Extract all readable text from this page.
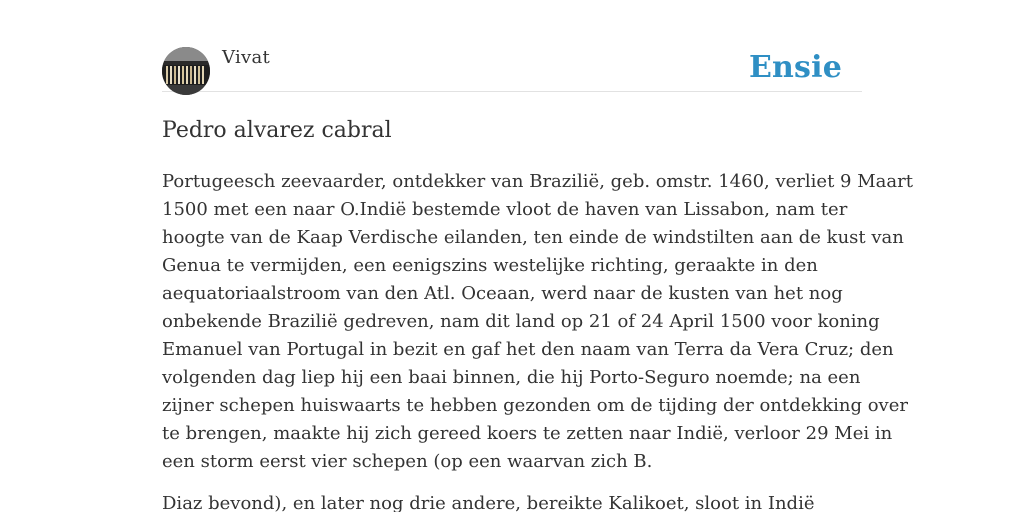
Vivat	Ensie
Pedro alvarez cabral

Portugeesch zeevaarder, ontdekker van Brazilië, geb. omstr. 1460, verliet 9 Maart
1500 met een naar O.Indië bestemde vloot de haven van Lissabon, nam ter
hoogte van de Kaap Verdische eilanden, ten einde de windstilten aan de kust van
Genua te vermijden, een eenigszins westelijke richting, geraakte in den
aequatoriaalstroom van den Atl. Oceaan, werd naar de kusten van het nog
onbekende Brazilië gedreven, nam dit land op 21 of 24 April 1500 voor koning
Emanuel van Portugal in bezit en gaf het den naam van Terra da Vera Cruz; den
volgenden dag liep hij een baai binnen, die hij Porto-Seguro noemde; na een
zijner schepen huiswaarts te hebben gezonden om de tijding der ontdekking over
te brengen, maakte hij zich gereed koers te zetten naar Indië, verloor 29 Mei in
een storm eerst vier schepen (op een waarvan zich B.

Diaz bevond), en later nog drie andere, bereikte Kalikoet, sloot in Indië
